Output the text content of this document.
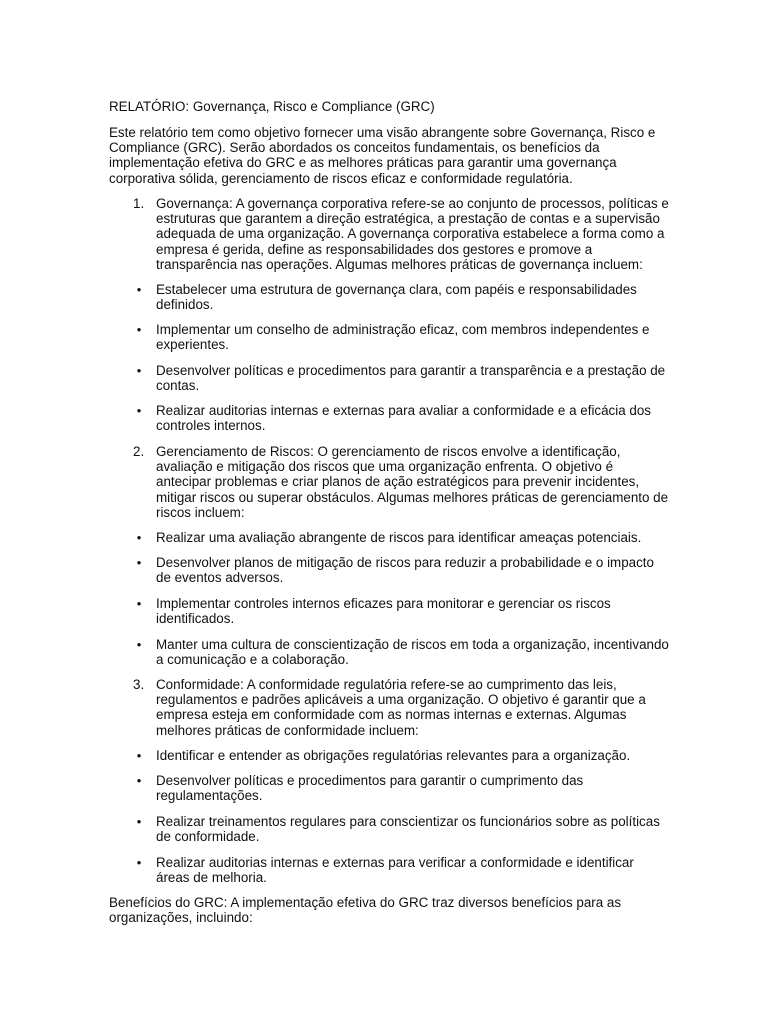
RELATÓRIO: Governança, Risco e Compliance (GRC)

Este relatório tem como objetivo fornecer uma visão abrangente sobre Governança, Risco e Compliance (GRC). Serão abordados os conceitos fundamentais, os benefícios da implementação efetiva do GRC e as melhores práticas para garantir uma governança corporativa sólida, gerenciamento de riscos eficaz e conformidade regulatória.

1. Governança: A governança corporativa refere-se ao conjunto de processos, políticas e estruturas que garantem a direção estratégica, a prestação de contas e a supervisão adequada de uma organização. A governança corporativa estabelece a forma como a empresa é gerida, define as responsabilidades dos gestores e promove a transparência nas operações. Algumas melhores práticas de governança incluem:
• Estabelecer uma estrutura de governança clara, com papéis e responsabilidades definidos.
• Implementar um conselho de administração eficaz, com membros independentes e experientes.
• Desenvolver políticas e procedimentos para garantir a transparência e a prestação de contas.
• Realizar auditorias internas e externas para avaliar a conformidade e a eficácia dos controles internos.
2. Gerenciamento de Riscos: O gerenciamento de riscos envolve a identificação, avaliação e mitigação dos riscos que uma organização enfrenta. O objetivo é antecipar problemas e criar planos de ação estratégicos para prevenir incidentes, mitigar riscos ou superar obstáculos. Algumas melhores práticas de gerenciamento de riscos incluem:
• Realizar uma avaliação abrangente de riscos para identificar ameaças potenciais.
• Desenvolver planos de mitigação de riscos para reduzir a probabilidade e o impacto de eventos adversos.
• Implementar controles internos eficazes para monitorar e gerenciar os riscos identificados.
• Manter uma cultura de conscientização de riscos em toda a organização, incentivando a comunicação e a colaboração.
3. Conformidade: A conformidade regulatória refere-se ao cumprimento das leis, regulamentos e padrões aplicáveis a uma organização. O objetivo é garantir que a empresa esteja em conformidade com as normas internas e externas. Algumas melhores práticas de conformidade incluem:
• Identificar e entender as obrigações regulatórias relevantes para a organização.
• Desenvolver políticas e procedimentos para garantir o cumprimento das regulamentações.
• Realizar treinamentos regulares para conscientizar os funcionários sobre as políticas de conformidade.
• Realizar auditorias internas e externas para verificar a conformidade e identificar áreas de melhoria.

Benefícios do GRC: A implementação efetiva do GRC traz diversos benefícios para as organizações, incluindo:
